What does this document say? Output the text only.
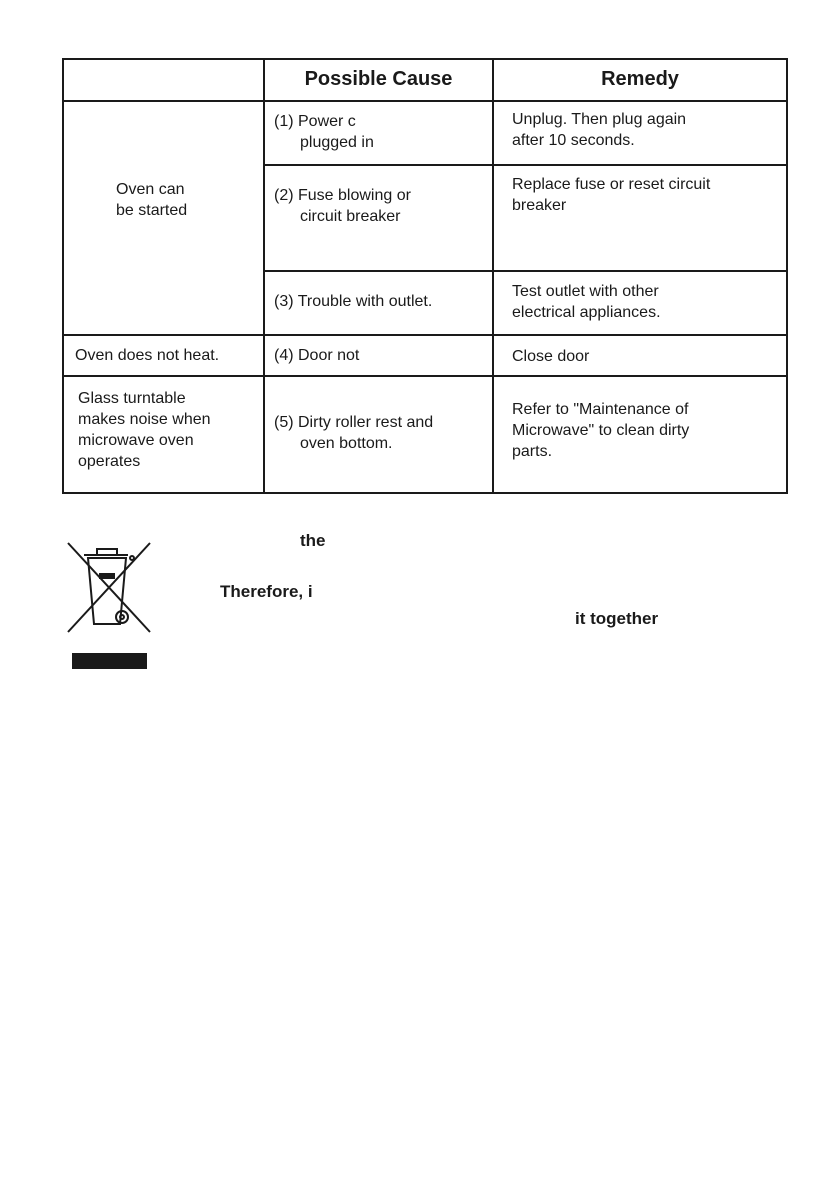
Possible Cause	Remedy
Oven can
be started
Oven does not heat.
Glass turntable
makes noise when
microwave oven
operates
(1) Power c
plugged in
(2) Fuse blowing or
circuit breaker
(3) Trouble with outlet.
(4) Door not
(5) Dirty roller rest and
oven bottom.
Unplug. Then plug again
after 10 seconds.
Replace fuse or reset circuit
breaker
Test outlet with other
electrical appliances.
Close door
Refer to "Maintenance of
Microwave" to clean dirty
parts.
the
Therefore, i
it together
